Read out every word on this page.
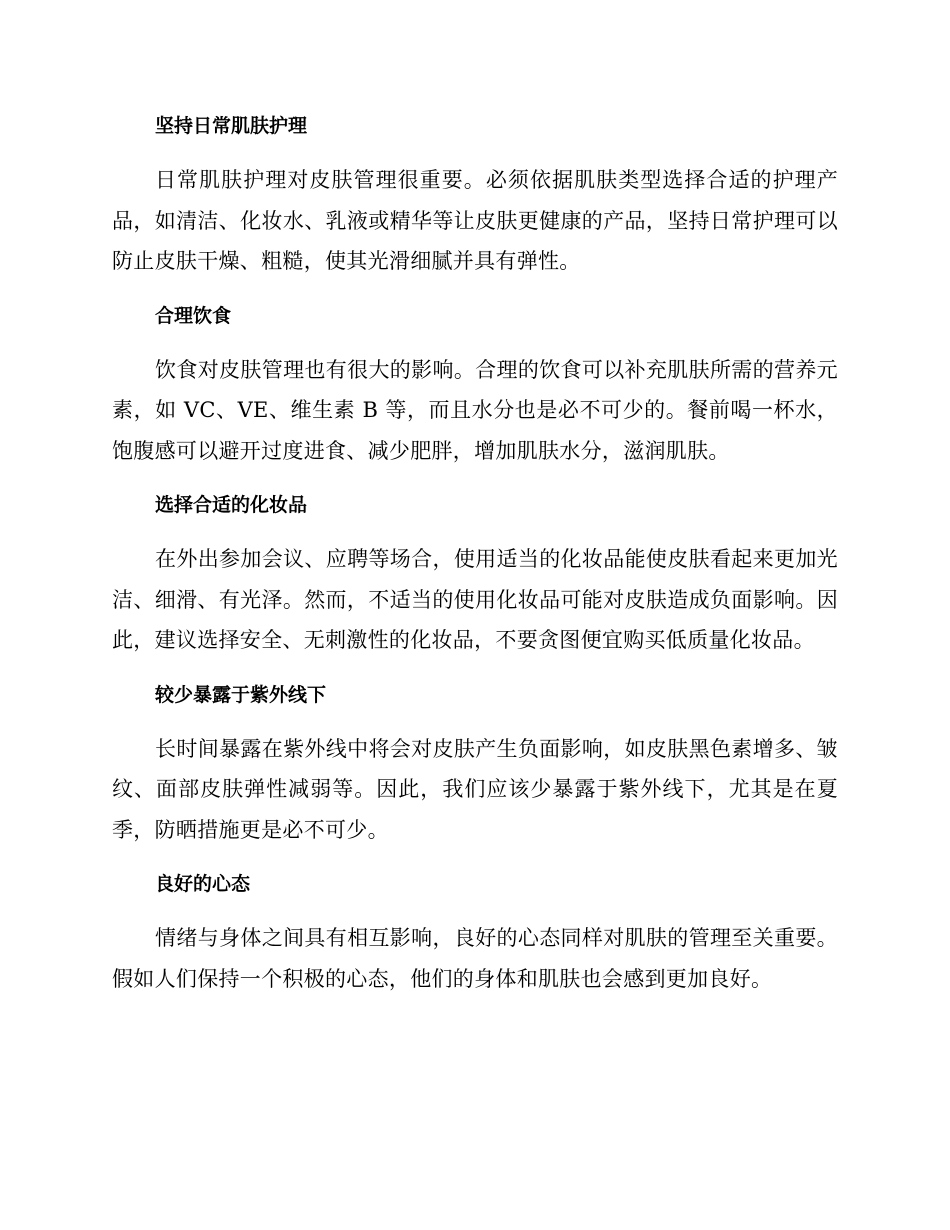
坚持日常肌肤护理

日常肌肤护理对皮肤管理很重要。必须依据肌肤类型选择合适的护理产品，如清洁、化妆水、乳液或精华等让皮肤更健康的产品，坚持日常护理可以防止皮肤干燥、粗糙，使其光滑细腻并具有弹性。

合理饮食

饮食对皮肤管理也有很大的影响。合理的饮食可以补充肌肤所需的营养元素，如 VC、VE、维生素 B 等，而且水分也是必不可少的。餐前喝一杯水，饱腹感可以避开过度进食、减少肥胖，增加肌肤水分，滋润肌肤。

选择合适的化妆品

在外出参加会议、应聘等场合，使用适当的化妆品能使皮肤看起来更加光洁、细滑、有光泽。然而，不适当的使用化妆品可能对皮肤造成负面影响。因此，建议选择安全、无刺激性的化妆品，不要贪图便宜购买低质量化妆品。

较少暴露于紫外线下

长时间暴露在紫外线中将会对皮肤产生负面影响，如皮肤黑色素增多、皱纹、面部皮肤弹性减弱等。因此，我们应该少暴露于紫外线下，尤其是在夏季，防晒措施更是必不可少。

良好的心态

情绪与身体之间具有相互影响，良好的心态同样对肌肤的管理至关重要。假如人们保持一个积极的心态，他们的身体和肌肤也会感到更加良好。
